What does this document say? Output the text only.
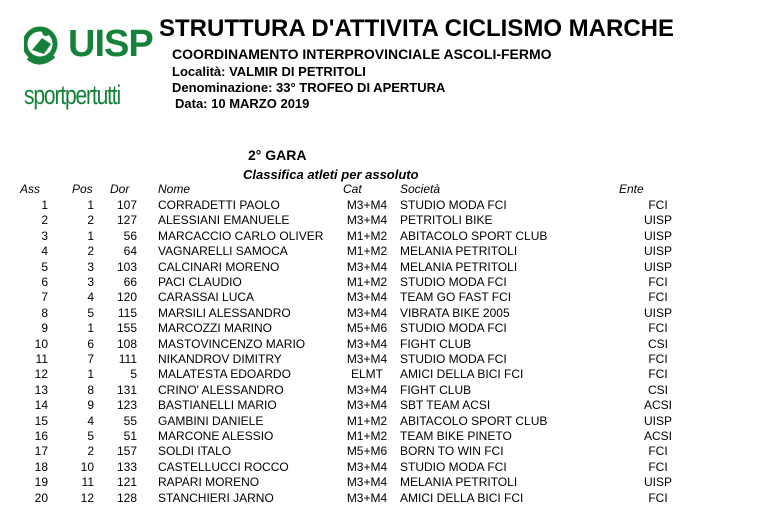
UISP
sportpertutti
STRUTTURA D'ATTIVITA CICLISMO MARCHE
COORDINAMENTO INTERPROVINCIALE ASCOLI-FERMO
Località: VALMIR DI PETRITOLI
Denominazione: 33° TROFEO DI APERTURA
Data: 10 MARZO 2019
2° GARA
Classifica atleti per assoluto
Ass	Pos Dor Nome	Cat	Società	Ente
1	1	107 CORRADETTI PAOLO	M3+M4	STUDIO MODA FCI	FCI
2	2	127 ALESSIANI EMANUELE	M3+M4	PETRITOLI BIKE	UISP
3	1	56 MARCACCIO CARLO OLIVER	M1+M2	ABITACOLO SPORT CLUB	UISP
4	2	64 VAGNARELLI SAMOCA	M1+M2	MELANIA PETRITOLI	UISP
5	3	103 CALCINARI MORENO	M3+M4	MELANIA PETRITOLI	UISP
6	3	66 PACI CLAUDIO	M1+M2	STUDIO MODA FCI	FCI
7	4	120 CARASSAI LUCA	M3+M4	TEAM GO FAST FCI	FCI
8	5	115 MARSILI ALESSANDRO	M3+M4	VIBRATA BIKE 2005	UISP
9	1	155 MARCOZZI MARINO	M5+M6	STUDIO MODA FCI	FCI
10	6	108 MASTOVINCENZO MARIO	M3+M4	FIGHT CLUB	CSI
11	7	111 NIKANDROV DIMITRY	M3+M4	STUDIO MODA FCI	FCI
12	1	5 MALATESTA EDOARDO	ELMT	AMICI DELLA BICI FCI	FCI
13	8	131 CRINO' ALESSANDRO	M3+M4	FIGHT CLUB	CSI
14	9	123 BASTIANELLI MARIO	M3+M4	SBT TEAM ACSI	ACSI
15	4	55 GAMBINI DANIELE	M1+M2	ABITACOLO SPORT CLUB	UISP
16	5	51 MARCONE ALESSIO	M1+M2	TEAM BIKE PINETO	ACSI
17	2	157 SOLDI ITALO	M5+M6	BORN TO WIN FCI	FCI
18	10	133 CASTELLUCCI ROCCO	M3+M4	STUDIO MODA FCI	FCI
19	11	121 RAPARI MORENO	M3+M4	MELANIA PETRITOLI	UISP
20	12	128 STANCHIERI JARNO	M3+M4	AMICI DELLA BICI FCI	FCI
